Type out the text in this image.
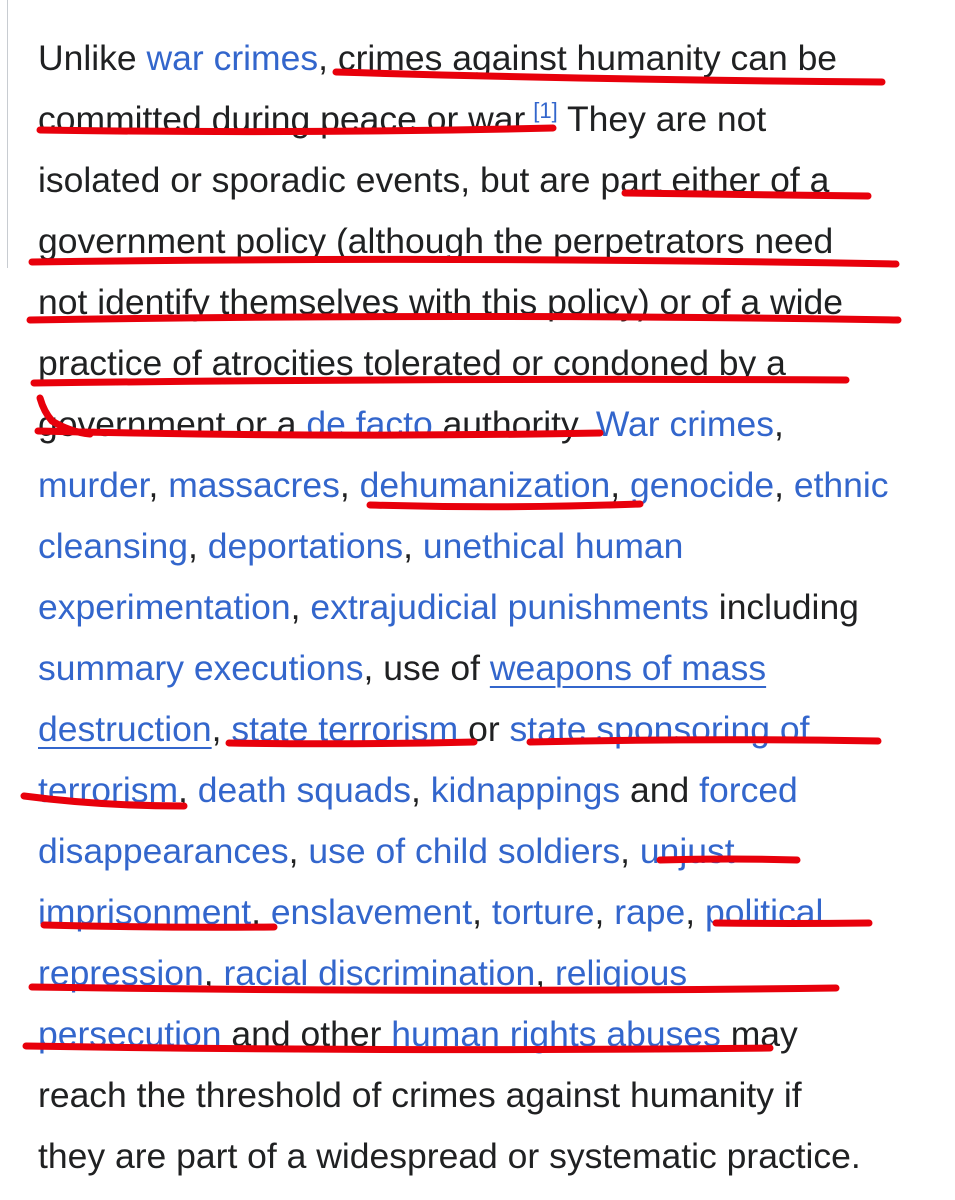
Unlike war crimes, crimes against humanity can be
committed during peace or war.[1] They are not
isolated or sporadic events, but are part either of a
government policy (although the perpetrators need
not identify themselves with this policy) or of a wide
practice of atrocities tolerated or condoned by a
government or a de facto authority. War crimes,
murder, massacres, dehumanization, genocide, ethnic
cleansing, deportations, unethical human
experimentation, extrajudicial punishments including
summary executions, use of weapons of mass
destruction, state terrorism or state sponsoring of
terrorism, death squads, kidnappings and forced
disappearances, use of child soldiers, unjust
imprisonment, enslavement, torture, rape, political
repression, racial discrimination, religious
persecution and other human rights abuses may
reach the threshold of crimes against humanity if
they are part of a widespread or systematic practice.
